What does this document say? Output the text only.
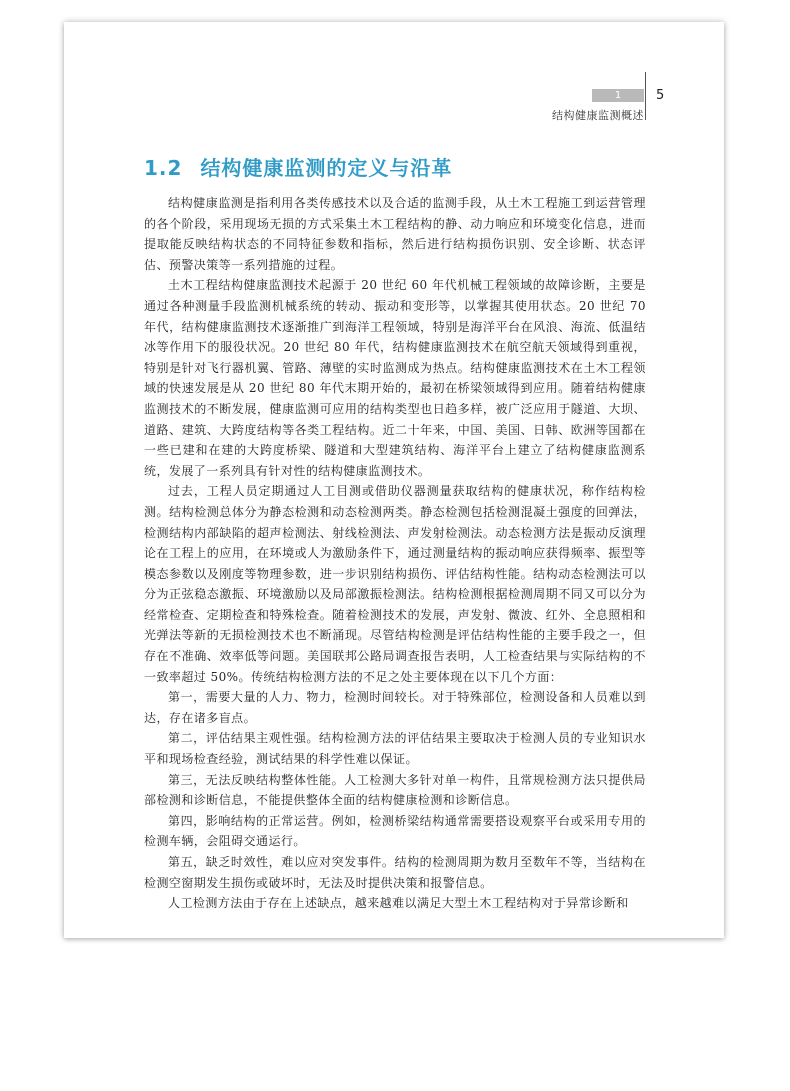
1
结构健康监测概述
5
1.2 结构健康监测的定义与沿革

结构健康监测是指利用各类传感技术以及合适的监测手段，从土木工程施工到运营管理的各个阶段，采用现场无损的方式采集土木工程结构的静、动力响应和环境变化信息，进而提取能反映结构状态的不同特征参数和指标，然后进行结构损伤识别、安全诊断、状态评估、预警决策等一系列措施的过程。

土木工程结构健康监测技术起源于 20 世纪 60 年代机械工程领域的故障诊断，主要是通过各种测量手段监测机械系统的转动、振动和变形等，以掌握其使用状态。20 世纪 70 年代，结构健康监测技术逐渐推广到海洋工程领域，特别是海洋平台在风浪、海流、低温结冰等作用下的服役状况。20 世纪 80 年代，结构健康监测技术在航空航天领域得到重视，特别是针对飞行器机翼、管路、薄壁的实时监测成为热点。结构健康监测技术在土木工程领域的快速发展是从 20 世纪 80 年代末期开始的，最初在桥梁领域得到应用。随着结构健康监测技术的不断发展，健康监测可应用的结构类型也日趋多样，被广泛应用于隧道、大坝、道路、建筑、大跨度结构等各类工程结构。近二十年来，中国、美国、日韩、欧洲等国都在一些已建和在建的大跨度桥梁、隧道和大型建筑结构、海洋平台上建立了结构健康监测系统，发展了一系列具有针对性的结构健康监测技术。

过去，工程人员定期通过人工目测或借助仪器测量获取结构的健康状况，称作结构检测。结构检测总体分为静态检测和动态检测两类。静态检测包括检测混凝土强度的回弹法，检测结构内部缺陷的超声检测法、射线检测法、声发射检测法。动态检测方法是振动反演理论在工程上的应用，在环境或人为激励条件下，通过测量结构的振动响应获得频率、振型等模态参数以及刚度等物理参数，进一步识别结构损伤、评估结构性能。结构动态检测法可以分为正弦稳态激振、环境激励以及局部激振检测法。结构检测根据检测周期不同又可以分为经常检查、定期检查和特殊检查。随着检测技术的发展，声发射、微波、红外、全息照相和光弹法等新的无损检测技术也不断涌现。尽管结构检测是评估结构性能的主要手段之一，但存在不准确、效率低等问题。美国联邦公路局调查报告表明，人工检查结果与实际结构的不一致率超过 50%。传统结构检测方法的不足之处主要体现在以下几个方面：

第一，需要大量的人力、物力，检测时间较长。对于特殊部位，检测设备和人员难以到达，存在诸多盲点。

第二，评估结果主观性强。结构检测方法的评估结果主要取决于检测人员的专业知识水平和现场检查经验，测试结果的科学性难以保证。

第三，无法反映结构整体性能。人工检测大多针对单一构件，且常规检测方法只提供局部检测和诊断信息，不能提供整体全面的结构健康检测和诊断信息。

第四，影响结构的正常运营。例如，检测桥梁结构通常需要搭设观察平台或采用专用的检测车辆，会阻碍交通运行。

第五，缺乏时效性，难以应对突发事件。结构的检测周期为数月至数年不等，当结构在检测空窗期发生损伤或破坏时，无法及时提供决策和报警信息。

人工检测方法由于存在上述缺点，越来越难以满足大型土木工程结构对于异常诊断和
